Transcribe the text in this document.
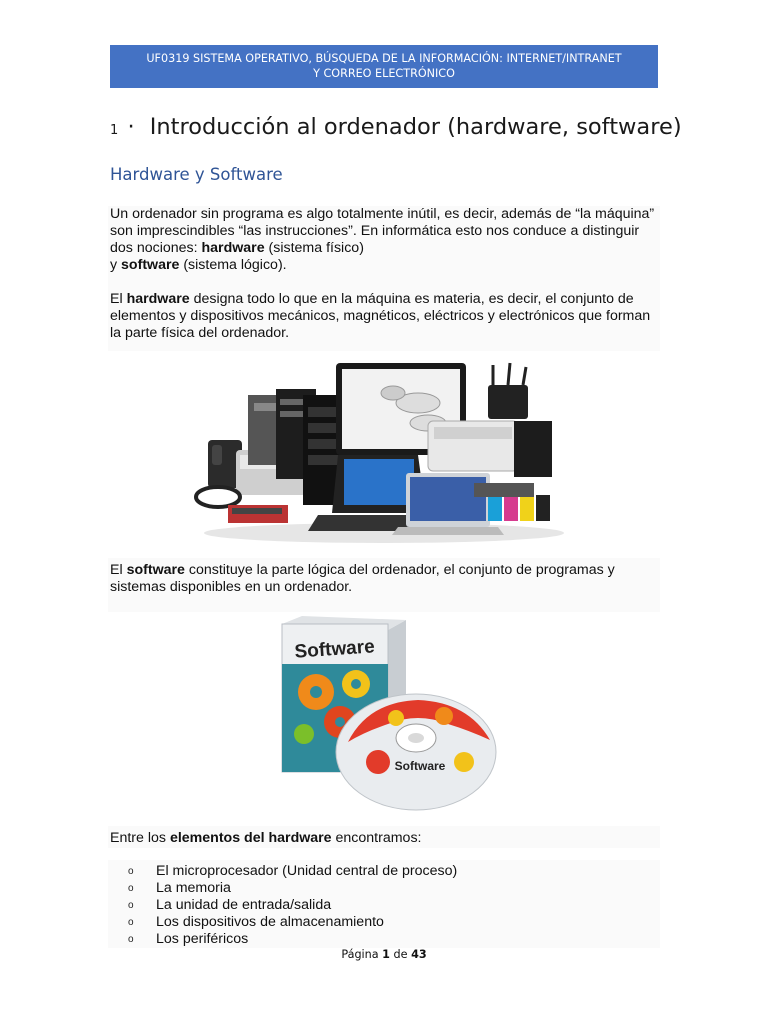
UF0319 SISTEMA OPERATIVO, BÚSQUEDA DE LA INFORMACIÓN: INTERNET/INTRANET
Y CORREO ELECTRÓNICO
1 · Introducción al ordenador (hardware, software)
Hardware y Software

Un ordenador sin programa es algo totalmente inútil, es decir, además de “la máquina” son imprescindibles “las instrucciones”. En informática esto nos conduce a distinguir dos nociones: hardware (sistema físico)
y software (sistema lógico).

El hardware designa todo lo que en la máquina es materia, es decir, el conjunto de elementos y dispositivos mecánicos, magnéticos, eléctricos y electrónicos que forman la parte física del ordenador.

El software constituye la parte lógica del ordenador, el conjunto de programas y sistemas disponibles en un ordenador.

Software
Software

Entre los elementos del hardware encontramos:

o	El microprocesador (Unidad central de proceso)
o	La memoria
o	La unidad de entrada/salida
o	Los dispositivos de almacenamiento
o	Los periféricos
Página 1 de 43
